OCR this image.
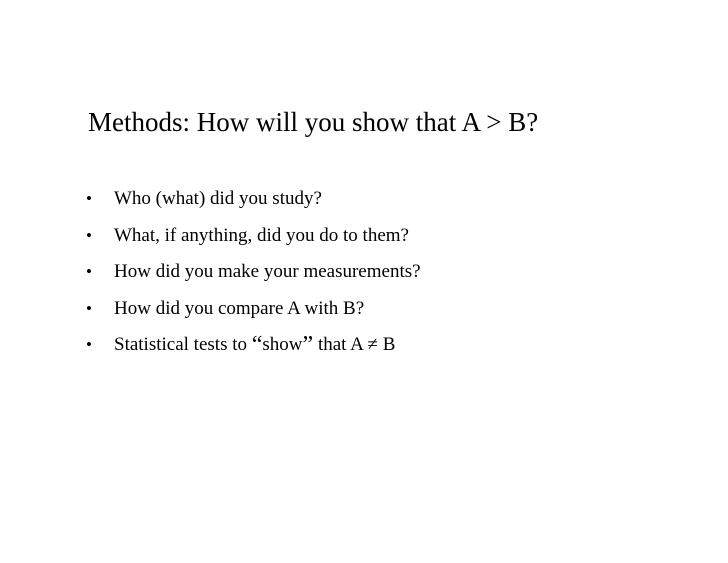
Methods: How will you show that A > B?
•	Who (what) did you study?
•	What, if anything, did you do to them?
•	How did you make your measurements?
•	How did you compare A with B?
•	Statistical tests to “show” that A ≠ B
